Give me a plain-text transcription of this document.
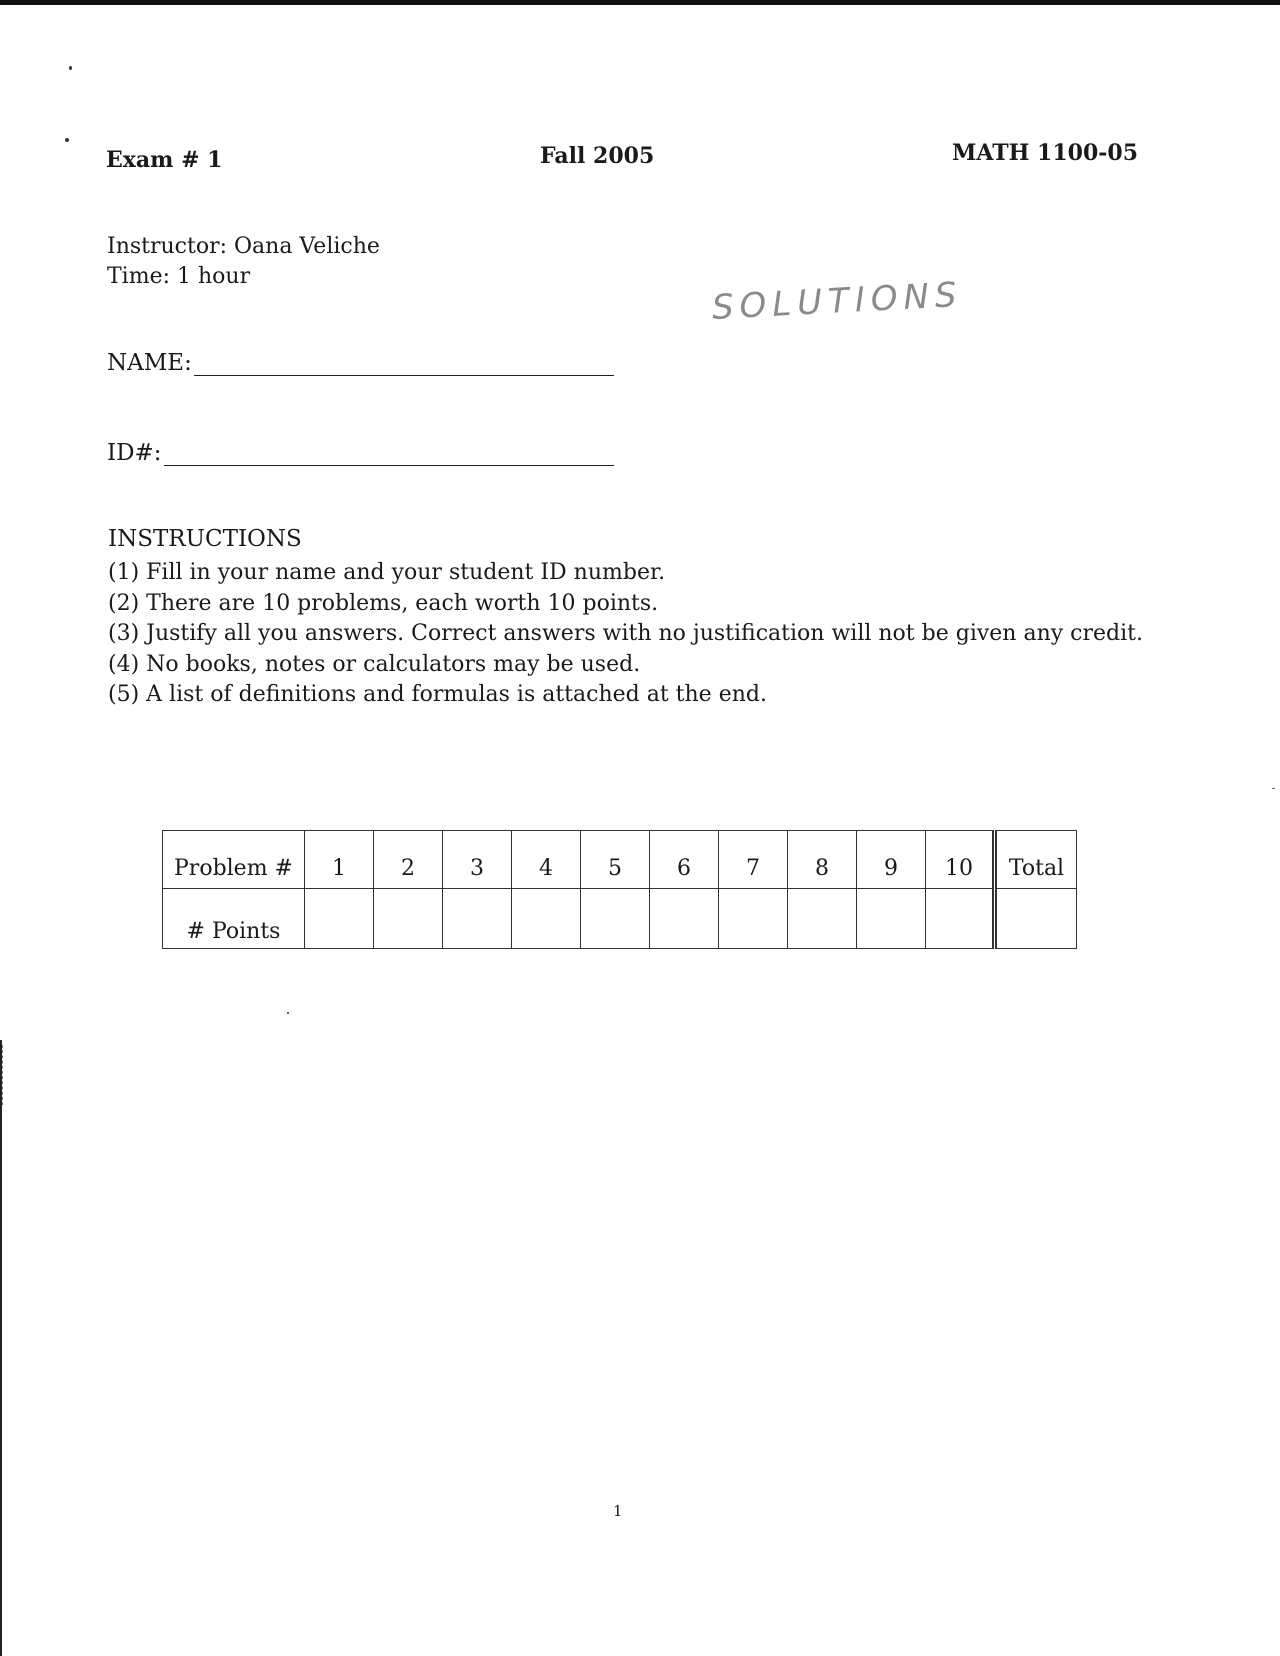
Exam # 1	Fall 2005	MATH 1100-05
Instructor: Oana Veliche
Time: 1 hour	SOLUTIONS
NAME:
ID#:
INSTRUCTIONS
(1) Fill in your name and your student ID number.
(2) There are 10 problems, each worth 10 points.
(3) Justify all you answers. Correct answers with no justification will not be given any credit.
(4) No books, notes or calculators may be used.
(5) A list of definitions and formulas is attached at the end.
Problem #	1	2	3	4	5	6	7	8	9	10	Total
# Points											
1
